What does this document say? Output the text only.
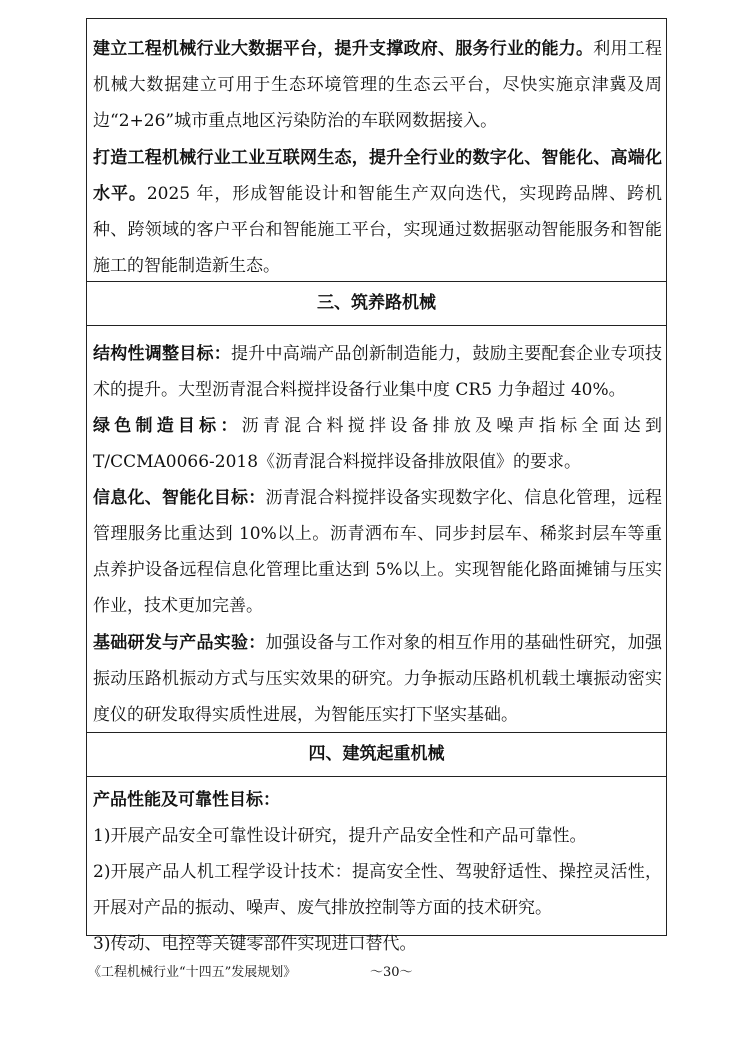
建立工程机械行业大数据平台，提升支撑政府、服务行业的能力。利用工程机械大数据建立可用于生态环境管理的生态云平台，尽快实施京津冀及周边“2+26”城市重点地区污染防治的车联网数据接入。

打造工程机械行业工业互联网生态，提升全行业的数字化、智能化、高端化水平。2025 年，形成智能设计和智能生产双向迭代，实现跨品牌、跨机种、跨领域的客户平台和智能施工平台，实现通过数据驱动智能服务和智能施工的智能制造新生态。

三、筑养路机械

结构性调整目标：提升中高端产品创新制造能力，鼓励主要配套企业专项技术的提升。大型沥青混合料搅拌设备行业集中度 CR5 力争超过 40%。

绿色制造目标：沥青混合料搅拌设备排放及噪声指标全面达到 T/CCMA0066-2018《沥青混合料搅拌设备排放限值》的要求。

信息化、智能化目标：沥青混合料搅拌设备实现数字化、信息化管理，远程管理服务比重达到 10%以上。沥青洒布车、同步封层车、稀浆封层车等重点养护设备远程信息化管理比重达到 5%以上。实现智能化路面摊铺与压实作业，技术更加完善。

基础研发与产品实验：加强设备与工作对象的相互作用的基础性研究，加强振动压路机振动方式与压实效果的研究。力争振动压路机机载土壤振动密实度仪的研发取得实质性进展，为智能压实打下坚实基础。

四、建筑起重机械

产品性能及可靠性目标：

1)开展产品安全可靠性设计研究，提升产品安全性和产品可靠性。

2)开展产品人机工程学设计技术：提高安全性、驾驶舒适性、操控灵活性，开展对产品的振动、噪声、废气排放控制等方面的技术研究。

3)传动、电控等关键零部件实现进口替代。

《工程机械行业“十四五”发展规划》	～30～
